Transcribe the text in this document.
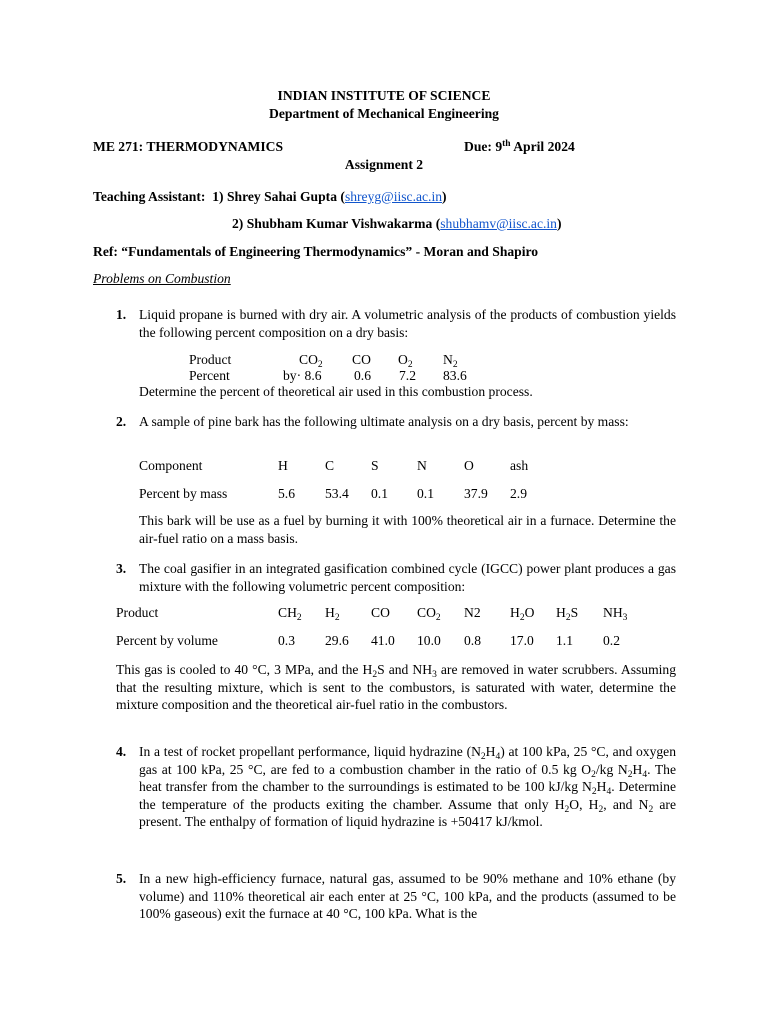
INDIAN INSTITUTE OF SCIENCE
Department of Mechanical Engineering
ME 271: THERMODYNAMICS	Due: 9th April 2024
Assignment 2
Teaching Assistant: 1) Shrey Sahai Gupta (shreyg@iisc.ac.in)
2) Shubham Kumar Vishwakarma (shubhamv@iisc.ac.in)
Ref: “Fundamentals of Engineering Thermodynamics” - Moran and Shapiro
Problems on Combustion
1. Liquid propane is burned with dry air. A volumetric analysis of the products of combustion yields the following percent composition on a dry basis:
Product	$CO_2$ CO $O_2$ $N_2$
Percent	by· 8.6 0.6 7.2 83.6
Determine the percent of theoretical air used in this combustion process.
2. A sample of pine bark has the following ultimate analysis on a dry basis, percent by mass:
Component	H	C	S	N	O	ash
Percent by mass	5.6 53.4 0.1 0.1 37.9 2.9
This bark will be use as a fuel by burning it with 100% theoretical air in a furnace. Determine the air-fuel ratio on a mass basis.
3. The coal gasifier in an integrated gasification combined cycle (IGCC) power plant produces a gas mixture with the following volumetric percent composition:
Product	$CH_2$ $H_2$ CO $CO_2$ N2 $H_2O$ $H_2S$ $NH_3$
Percent by volume	0.3 29.6 41.0 10.0 0.8 17.0 1.1 0.2
This gas is cooled to 40 °C, 3 MPa, and the $H_2S$ and $NH_3$ are removed in water scrubbers. Assuming that the resulting mixture, which is sent to the combustors, is saturated with water, determine the mixture composition and the theoretical air-fuel ratio in the combustors.
4. In a test of rocket propellant performance, liquid hydrazine $(N_2H_4)$ at 100 kPa, 25 °C, and oxygen gas at 100 kPa, 25 °C, are fed to a combustion chamber in the ratio of 0.5 kg $O_2/kg$ $N_2H_4$. The heat transfer from the chamber to the surroundings is estimated to be 100 kJ/kg $N_2H_4$. Determine the temperature of the products exiting the chamber. Assume that only $H_2O$, $H_2$, and $N_2$ are present. The enthalpy of formation of liquid hydrazine is +50417 kJ/kmol.
5. In a new high-efficiency furnace, natural gas, assumed to be 90% methane and 10% ethane (by volume) and 110% theoretical air each enter at 25 °C, 100 kPa, and the products (assumed to be 100% gaseous) exit the furnace at 40 °C, 100 kPa. What is the
